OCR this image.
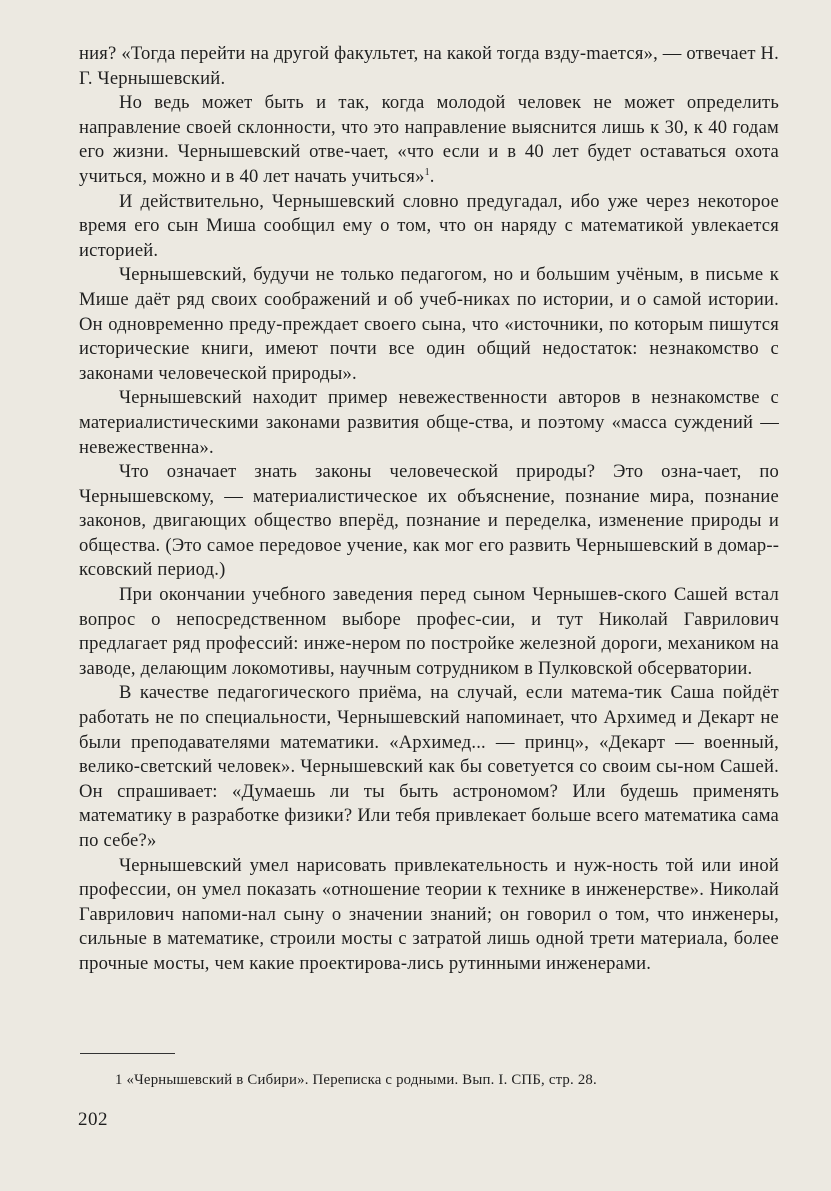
ния? «Тогда перейти на другой факультет, на какой тогда взду-mается», — отвечает Н. Г. Чернышевский.

Но ведь может быть и так, когда молодой человек не может определить направление своей склонности, что это направление выяснится лишь к 30, к 40 годам его жизни. Чернышевский отве-чает, «что если и в 40 лет будет оставаться охота учиться, можно и в 40 лет начать учиться»$^1$.

И действительно, Чернышевский словно предугадал, ибо уже через некоторое время его сын Миша сообщил ему о том, что он наряду с математикой увлекается историей.

Чернышевский, будучи не только педагогом, но и большим учёным, в письме к Мише даёт ряд своих соображений и об учеб-никах по истории, и о самой истории. Он одновременно преду-преждает своего сына, что «источники, по которым пишутся исторические книги, имеют почти все один общий недостаток: незнакомство с законами человеческой природы».

Чернышевский находит пример невежественности авторов в незнакомстве с материалистическими законами развития обще-ства, и поэтому «масса суждений — невежественна».

Что означает знать законы человеческой природы? Это озна-чает, по Чернышевскому, — материалистическое их объяснение, познание мира, познание законов, двигающих общество вперёд, познание и переделка, изменение природы и общества. (Это самое передовое учение, как мог его развить Чернышевский в домар-ксовский период.)

При окончании учебного заведения перед сыном Чернышев-ского Сашей встал вопрос о непосредственном выборе профес-сии, и тут Николай Гаврилович предлагает ряд профессий: инже-нером по постройке железной дороги, механиком на заводе, делающим локомотивы, научным сотрудником в Пулковской обсерватории.

В качестве педагогического приёма, на случай, если матема-тик Саша пойдёт работать не по специальности, Чернышевский напоминает, что Архимед и Декарт не были преподавателями математики. «Архимед... — принц», «Декарт — военный, велико-светский человек». Чернышевский как бы советуется со своим сы-ном Сашей. Он спрашивает: «Думаешь ли ты быть астрономом? Или будешь применять математику в разработке физики? Или тебя привлекает больше всего математика сама по себе?»

Чернышевский умел нарисовать привлекательность и нуж-ность той или иной профессии, он умел показать «отношение теории к технике в инженерстве». Николай Гаврилович напоми-нал сыну о значении знаний; он говорил о том, что инженеры, сильные в математике, строили мосты с затратой лишь одной трети материала, более прочные мосты, чем какие проектирова-лись рутинными инженерами.

1 «Чернышевский в Сибири». Переписка с родными. Вып. I. СПБ, стр. 28.
202
